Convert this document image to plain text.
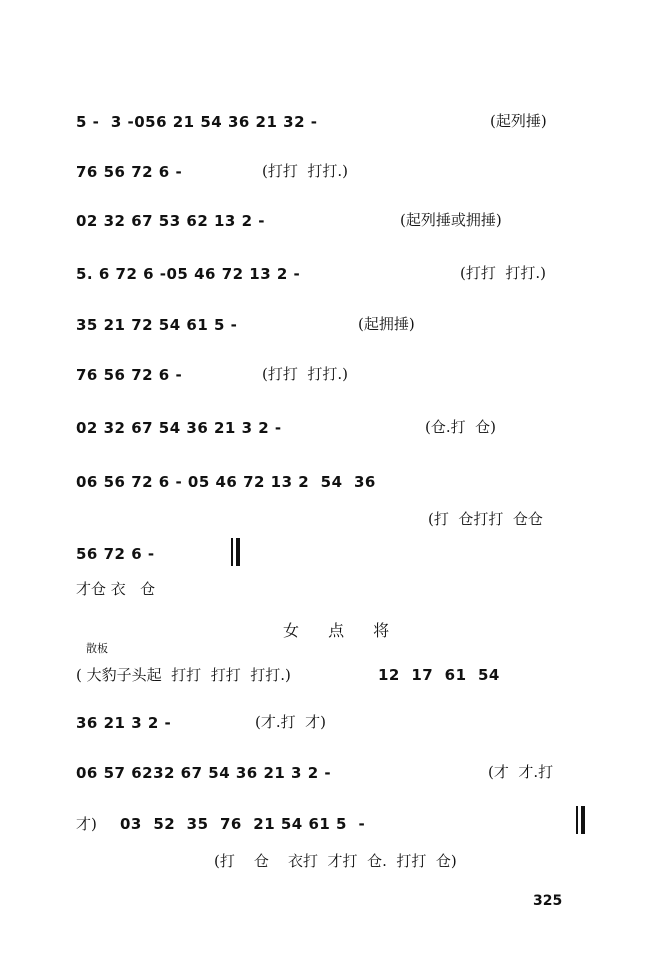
5 -  3 -056 21 54 36 21 32 -	(起列捶)
76 56 72 6 -	(打打  打打.)
02 32 67 53 62 13 2 -	(起列捶或拥捶)
5. 6 72 6 -05 46 72 13 2 -	(打打  打打.)
35 21 72 54 61 5 -	(起拥捶)
76 56 72 6 -	(打打  打打.)
02 32 67 54 36 21 3 2 -	(仓.打  仓)
06 56 72 6 - 05 46 72 13 2  54  36
(打  仓打打  仓仓
56 72 6 -
才仓 衣   仓
女 点 将
散板
( 大豹子头起  打打  打打  打打.)	12  17  61  54
36 21 3 2 -	(才.打  才)
06 57 6232 67 54 36 21 3 2 -	(才  才.打
才) 03  52  35  76  21 54 61 5  -
(打    仓    衣打  才打  仓.  打打  仓)
325
